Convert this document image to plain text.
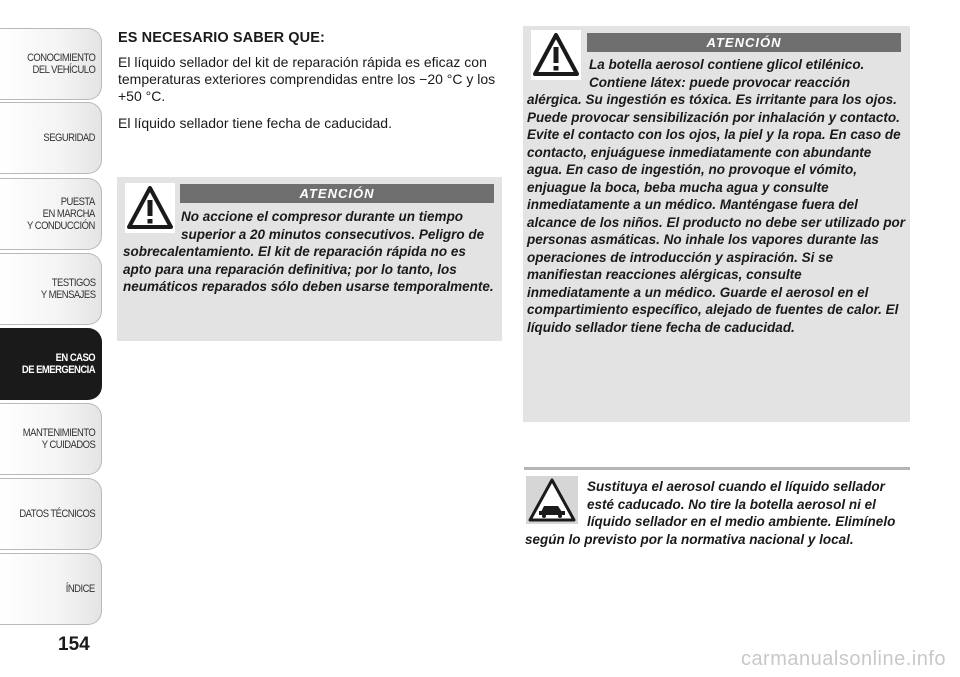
CONOCIMIENTO
DEL VEHÍCULO
SEGURIDAD
PUESTA
EN MARCHA
Y CONDUCCIÓN
TESTIGOS
Y MENSAJES
EN CASO
DE EMERGENCIA
MANTENIMIENTO
Y CUIDADOS
DATOS TÉCNICOS
ÍNDICE
154

ES NECESARIO SABER QUE:

El líquido sellador del kit de reparación rápida es eficaz con temperaturas exteriores comprendidas entre los −20 °C y los +50 °C.

El líquido sellador tiene fecha de caducidad.

ATENCIÓN

No accione el compresor durante un tiempo superior a 20 minutos consecutivos. Peligro de sobrecalentamiento. El kit de reparación rápida no es apto para una reparación definitiva; por lo tanto, los neumáticos reparados sólo deben usarse temporalmente.

ATENCIÓN

La botella aerosol contiene glicol etilénico. Contiene látex: puede provocar reacción alérgica. Su ingestión es tóxica. Es irritante para los ojos. Puede provocar sensibilización por inhalación y contacto. Evite el contacto con los ojos, la piel y la ropa. En caso de contacto, enjuáguese inmediatamente con abundante agua. En caso de ingestión, no provoque el vómito, enjuague la boca, beba mucha agua y consulte inmediatamente a un médico. Manténgase fuera del alcance de los niños. El producto no debe ser utilizado por personas asmáticas. No inhale los vapores durante las operaciones de introducción y aspiración. Si se manifiestan reacciones alérgicas, consulte inmediatamente a un médico. Guarde el aerosol en el compartimiento específico, alejado de fuentes de calor. El líquido sellador tiene fecha de caducidad.

Sustituya el aerosol cuando el líquido sellador esté caducado. No tire la botella aerosol ni el líquido sellador en el medio ambiente. Elimínelo según lo previsto por la normativa nacional y local.

carmanualsonline.info
